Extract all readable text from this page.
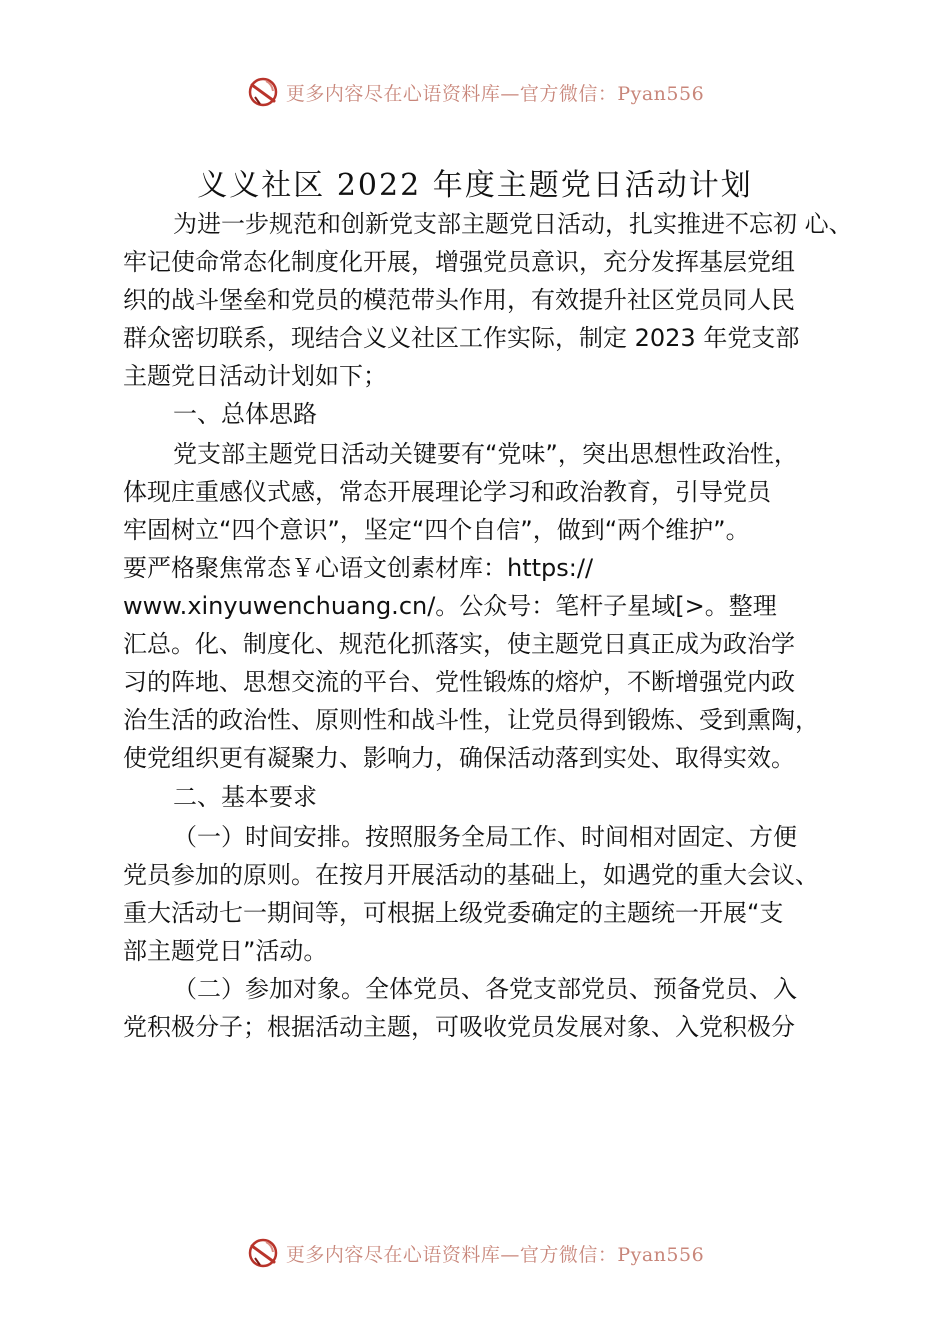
更多内容尽在心语资料库—官方微信：Pyan556
义义社区 2022 年度主题党日活动计划
为进一步规范和创新党支部主题党日活动，扎实推进不忘初 心、
牢记使命常态化制度化开展，增强党员意识，充分发挥基层党组
织的战斗堡垒和党员的模范带头作用，有效提升社区党员同人民
群众密切联系，现结合义义社区工作实际，制定 2023 年党支部
主题党日活动计划如下；
一、总体思路
党支部主题党日活动关键要有“党味”，突出思想性政治性，
体现庄重感仪式感，常态开展理论学习和政治教育，引导党员
牢固树立“四个意识”，坚定“四个自信”，做到“两个维护”。
要严格聚焦常态￥心语文创素材库：https://
www.xinyuwenchuang.cn/。公众号：笔杆子星域[>。整理
汇总。化、制度化、规范化抓落实，使主题党日真正成为政治学
习的阵地、思想交流的平台、党性锻炼的熔炉，不断增强党内政
治生活的政治性、原则性和战斗性，让党员得到锻炼、受到熏陶，
使党组织更有凝聚力、影响力，确保活动落到实处、取得实效。
二、基本要求
（一）时间安排。按照服务全局工作、时间相对固定、方便
党员参加的原则。在按月开展活动的基础上，如遇党的重大会议、
重大活动七一期间等，可根据上级党委确定的主题统一开展“支
部主题党日”活动。
（二）参加对象。全体党员、各党支部党员、预备党员、入
党积极分子；根据活动主题，可吸收党员发展对象、入党积极分
更多内容尽在心语资料库—官方微信：Pyan556
